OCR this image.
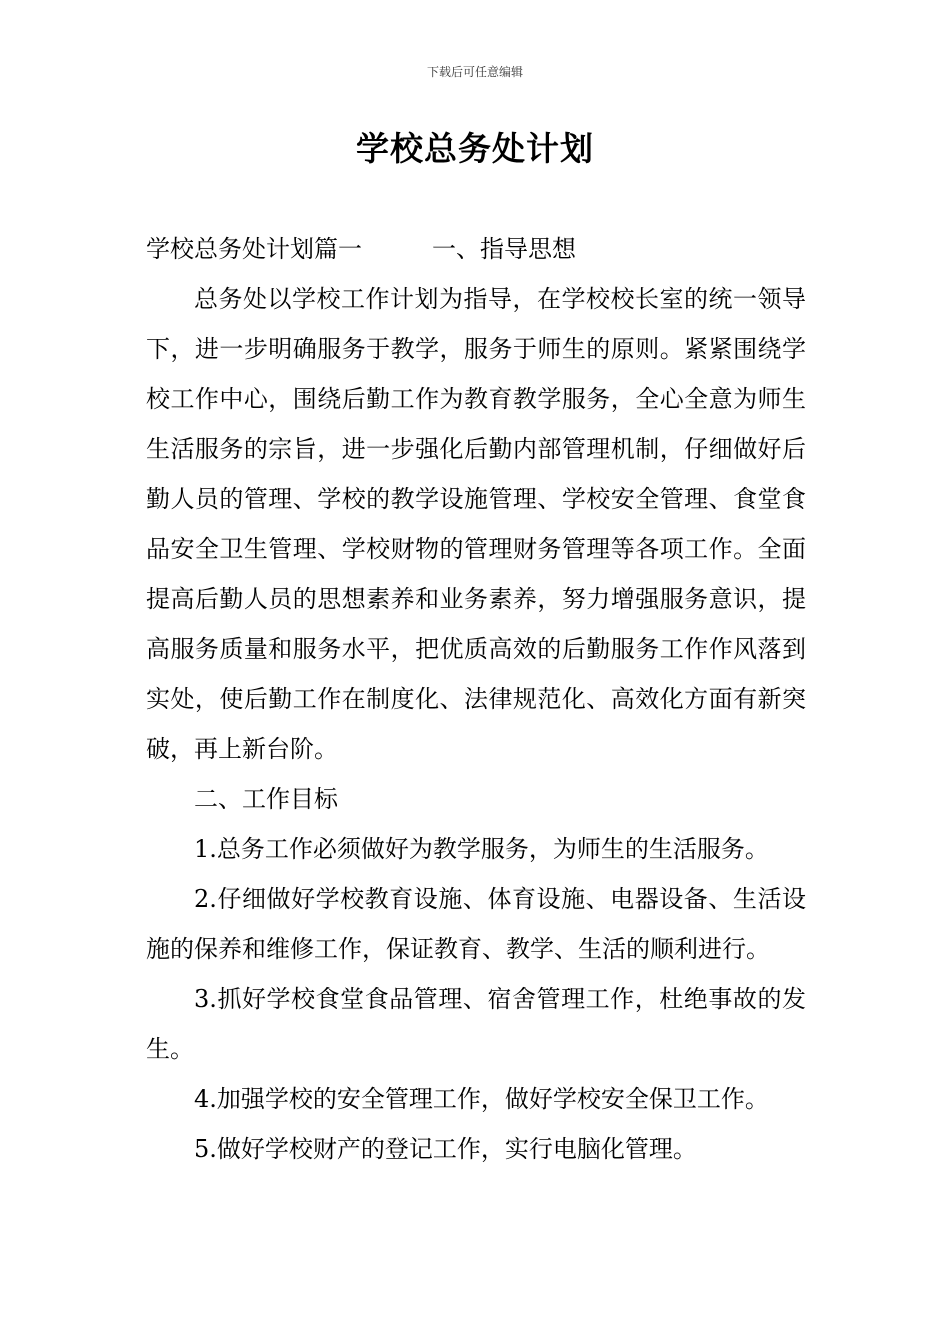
下载后可任意编辑
学校总务处计划

学校总务处计划篇一	一、指导思想

总务处以学校工作计划为指导，在学校校长室的统一领导下，进一步明确服务于教学，服务于师生的原则。紧紧围绕学校工作中心，围绕后勤工作为教育教学服务，全心全意为师生生活服务的宗旨，进一步强化后勤内部管理机制，仔细做好后勤人员的管理、学校的教学设施管理、学校安全管理、食堂食品安全卫生管理、学校财物的管理财务管理等各项工作。全面提高后勤人员的思想素养和业务素养，努力增强服务意识，提高服务质量和服务水平，把优质高效的后勤服务工作作风落到实处，使后勤工作在制度化、法律规范化、高效化方面有新突破，再上新台阶。

二、工作目标

1.总务工作必须做好为教学服务，为师生的生活服务。

2.仔细做好学校教育设施、体育设施、电器设备、生活设施的保养和维修工作，保证教育、教学、生活的顺利进行。

3.抓好学校食堂食品管理、宿舍管理工作，杜绝事故的发生。

4.加强学校的安全管理工作，做好学校安全保卫工作。

5.做好学校财产的登记工作，实行电脑化管理。
